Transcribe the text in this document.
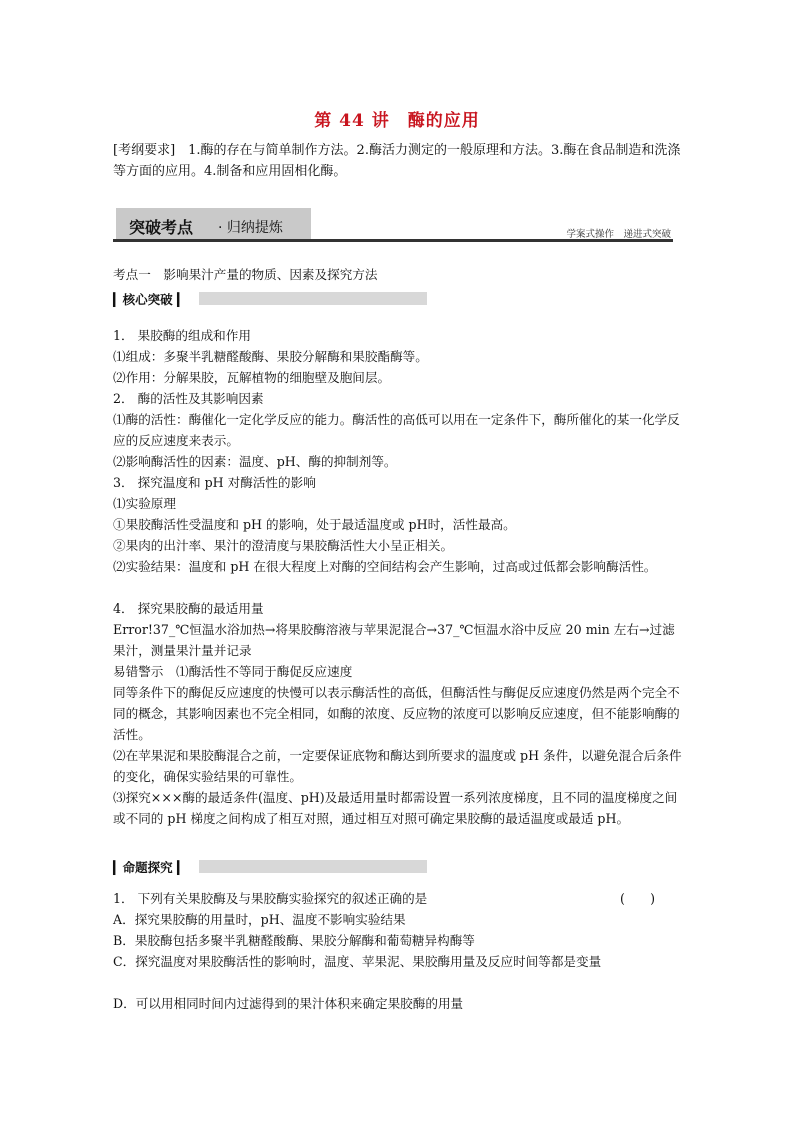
第 44 讲　酶的应用
[考纲要求]　1.酶的存在与简单制作方法。2.酶活力测定的一般原理和方法。3.酶在食品制造和洗涤等方面的应用。4.制备和应用固相化酶。
突破考点 · 归纳提炼	学案式操作　递进式突破
考点一　影响果汁产量的物质、因素及探究方法
▎核心突破 ▎
1． 果胶酶的组成和作用
⑴组成：多聚半乳糖醛酸酶、果胶分解酶和果胶酯酶等。
⑵作用：分解果胶，瓦解植物的细胞壁及胞间层。
2． 酶的活性及其影响因素
⑴酶的活性：酶催化一定化学反应的能力。酶活性的高低可以用在一定条件下，酶所催化的某一化学反应的反应速度来表示。
⑵影响酶活性的因素：温度、pH、酶的抑制剂等。
3． 探究温度和 pH 对酶活性的影响
⑴实验原理
①果胶酶活性受温度和 pH 的影响，处于最适温度或 pH时，活性最高。
②果肉的出汁率、果汁的澄清度与果胶酶活性大小呈正相关。
⑵实验结果：温度和 pH 在很大程度上对酶的空间结构会产生影响，过高或过低都会影响酶活性。
4． 探究果胶酶的最适用量
Error!37_℃恒温水浴加热→将果胶酶溶液与苹果泥混合→37_℃恒温水浴中反应 20 min 左右→过滤果汁，测量果汁量并记录
易错警示　⑴酶活性不等同于酶促反应速度
同等条件下的酶促反应速度的快慢可以表示酶活性的高低，但酶活性与酶促反应速度仍然是两个完全不同的概念，其影响因素也不完全相同，如酶的浓度、反应物的浓度可以影响反应速度，但不能影响酶的活性。
⑵在苹果泥和果胶酶混合之前，一定要保证底物和酶达到所要求的温度或 pH 条件，以避免混合后条件的变化，确保实验结果的可靠性。
⑶探究×××酶的最适条件(温度、pH)及最适用量时都需设置一系列浓度梯度，且不同的温度梯度之间或不同的 pH 梯度之间构成了相互对照，通过相互对照可确定果胶酶的最适温度或最适 pH。
▎命题探究 ▎
1． 下列有关果胶酶及与果胶酶实验探究的叙述正确的是	(　　)
A．探究果胶酶的用量时，pH、温度不影响实验结果
B．果胶酶包括多聚半乳糖醛酸酶、果胶分解酶和葡萄糖异构酶等
C．探究温度对果胶酶活性的影响时，温度、苹果泥、果胶酶用量及反应时间等都是变量
D．可以用相同时间内过滤得到的果汁体积来确定果胶酶的用量
